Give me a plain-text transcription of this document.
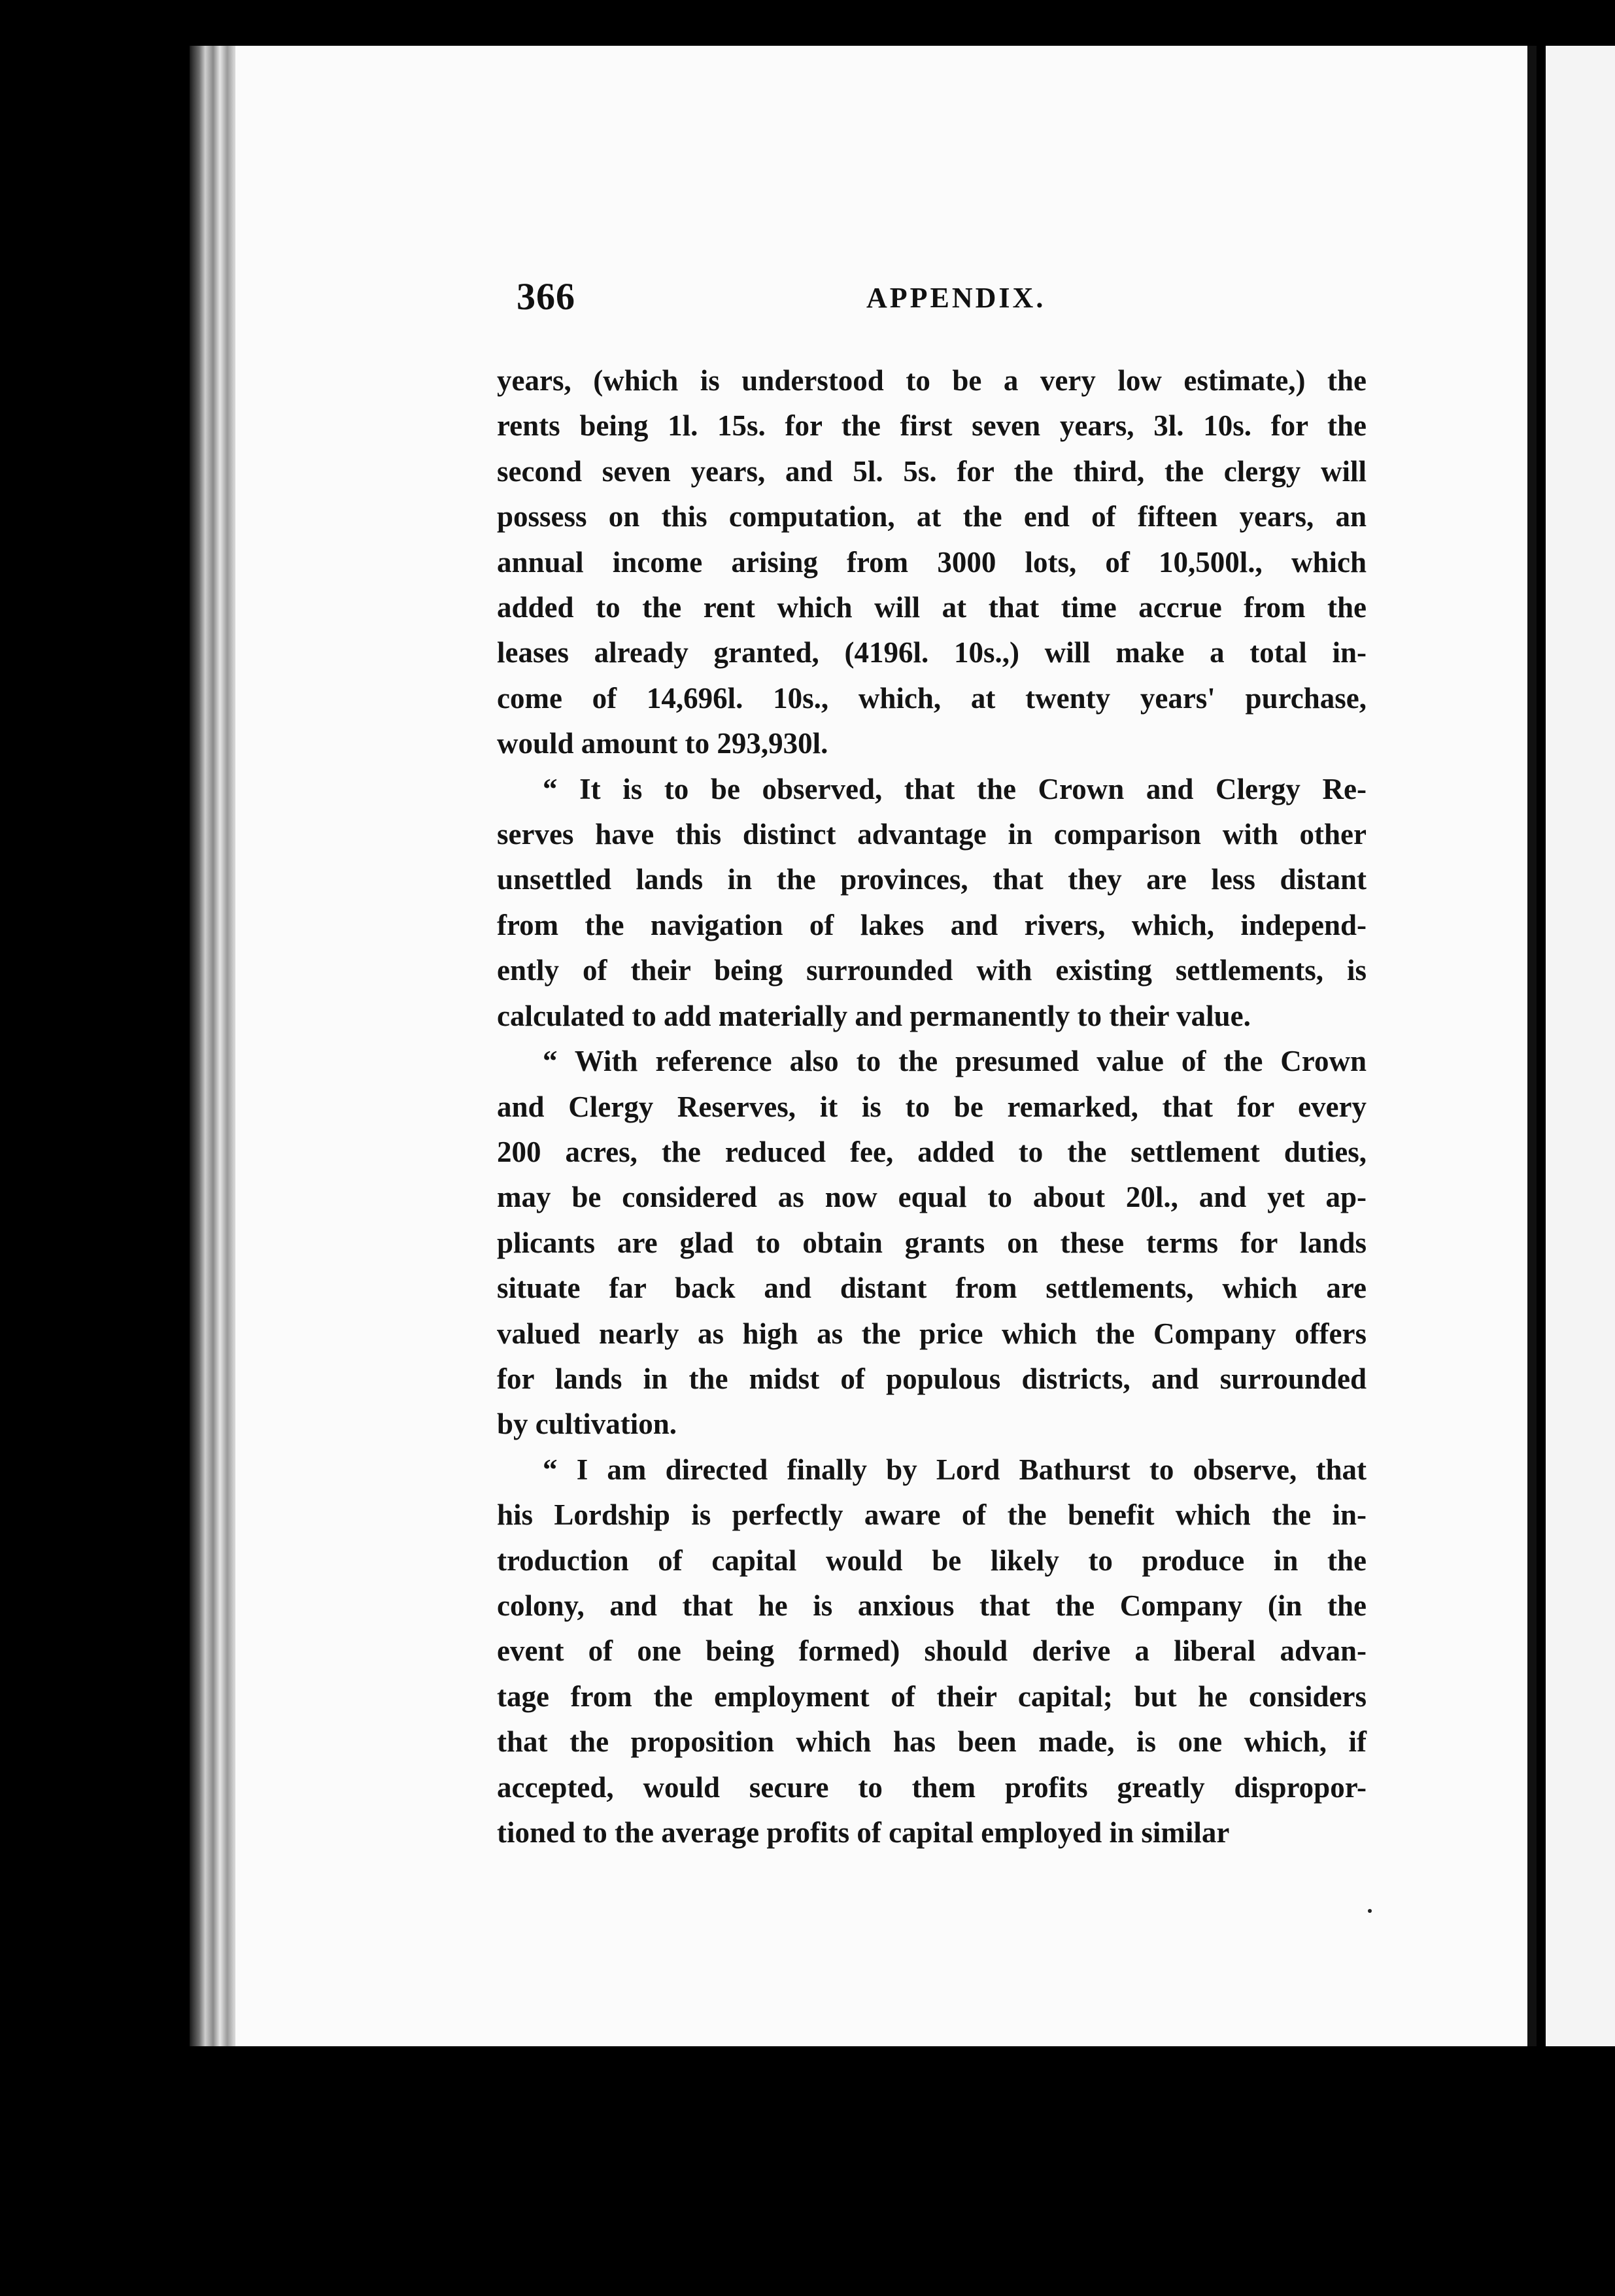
366	APPENDIX.

years, (which is understood to be a very low estimate,) the
rents being 1l. 15s. for the first seven years, 3l. 10s. for the
second seven years, and 5l. 5s. for the third, the clergy will
possess on this computation, at the end of fifteen years, an
annual income arising from 3000 lots, of 10,500l., which
added to the rent which will at that time accrue from the
leases already granted, (4196l. 10s.,) will make a total in-
come of 14,696l. 10s., which, at twenty years' purchase,
would amount to 293,930l.

“ It is to be observed, that the Crown and Clergy Re-
serves have this distinct advantage in comparison with other
unsettled lands in the provinces, that they are less distant
from the navigation of lakes and rivers, which, independ-
ently of their being surrounded with existing settlements, is
calculated to add materially and permanently to their value.

“ With reference also to the presumed value of the Crown
and Clergy Reserves, it is to be remarked, that for every
200 acres, the reduced fee, added to the settlement duties,
may be considered as now equal to about 20l., and yet ap-
plicants are glad to obtain grants on these terms for lands
situate far back and distant from settlements, which are
valued nearly as high as the price which the Company offers
for lands in the midst of populous districts, and surrounded
by cultivation.

“ I am directed finally by Lord Bathurst to observe, that
his Lordship is perfectly aware of the benefit which the in-
troduction of capital would be likely to produce in the
colony, and that he is anxious that the Company (in the
event of one being formed) should derive a liberal advan-
tage from the employment of their capital; but he considers
that the proposition which has been made, is one which, if
accepted, would secure to them profits greatly dispropor-
tioned to the average profits of capital employed in similar
